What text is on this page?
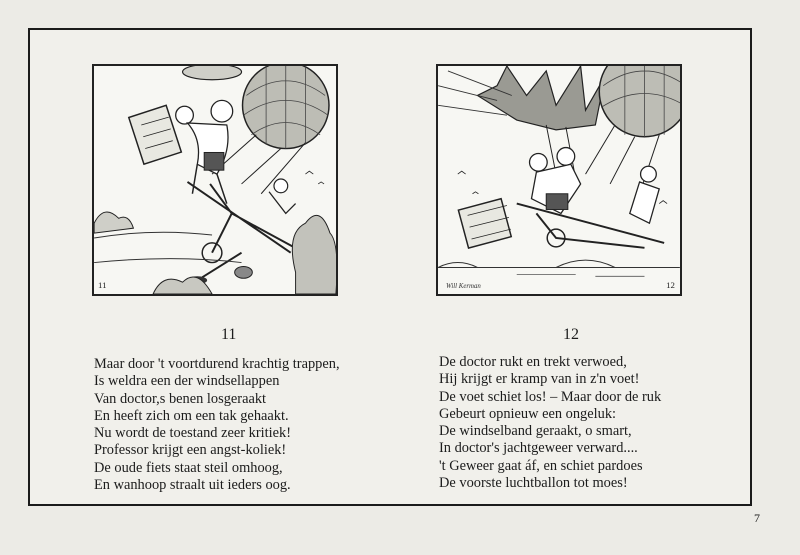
11	Will Kerman	12
11	12
Maar door 't voortdurend krachtig trappen,
Is weldra een der windsellappen
Van doctor,s benen losgeraakt
En heeft zich om een tak gehaakt.
Nu wordt de toestand zeer kritiek!
Professor krijgt een angst-koliek!
De oude fiets staat steil omhoog,
En wanhoop straalt uit ieders oog.
De doctor rukt en trekt verwoed,
Hij krijgt er kramp van in z'n voet!
De voet schiet los! – Maar door de ruk
Gebeurt opnieuw een ongeluk:
De windselband geraakt, o smart,
In doctor's jachtgeweer verward....
't Geweer gaat áf, en schiet pardoes
De voorste luchtballon tot moes!
7
